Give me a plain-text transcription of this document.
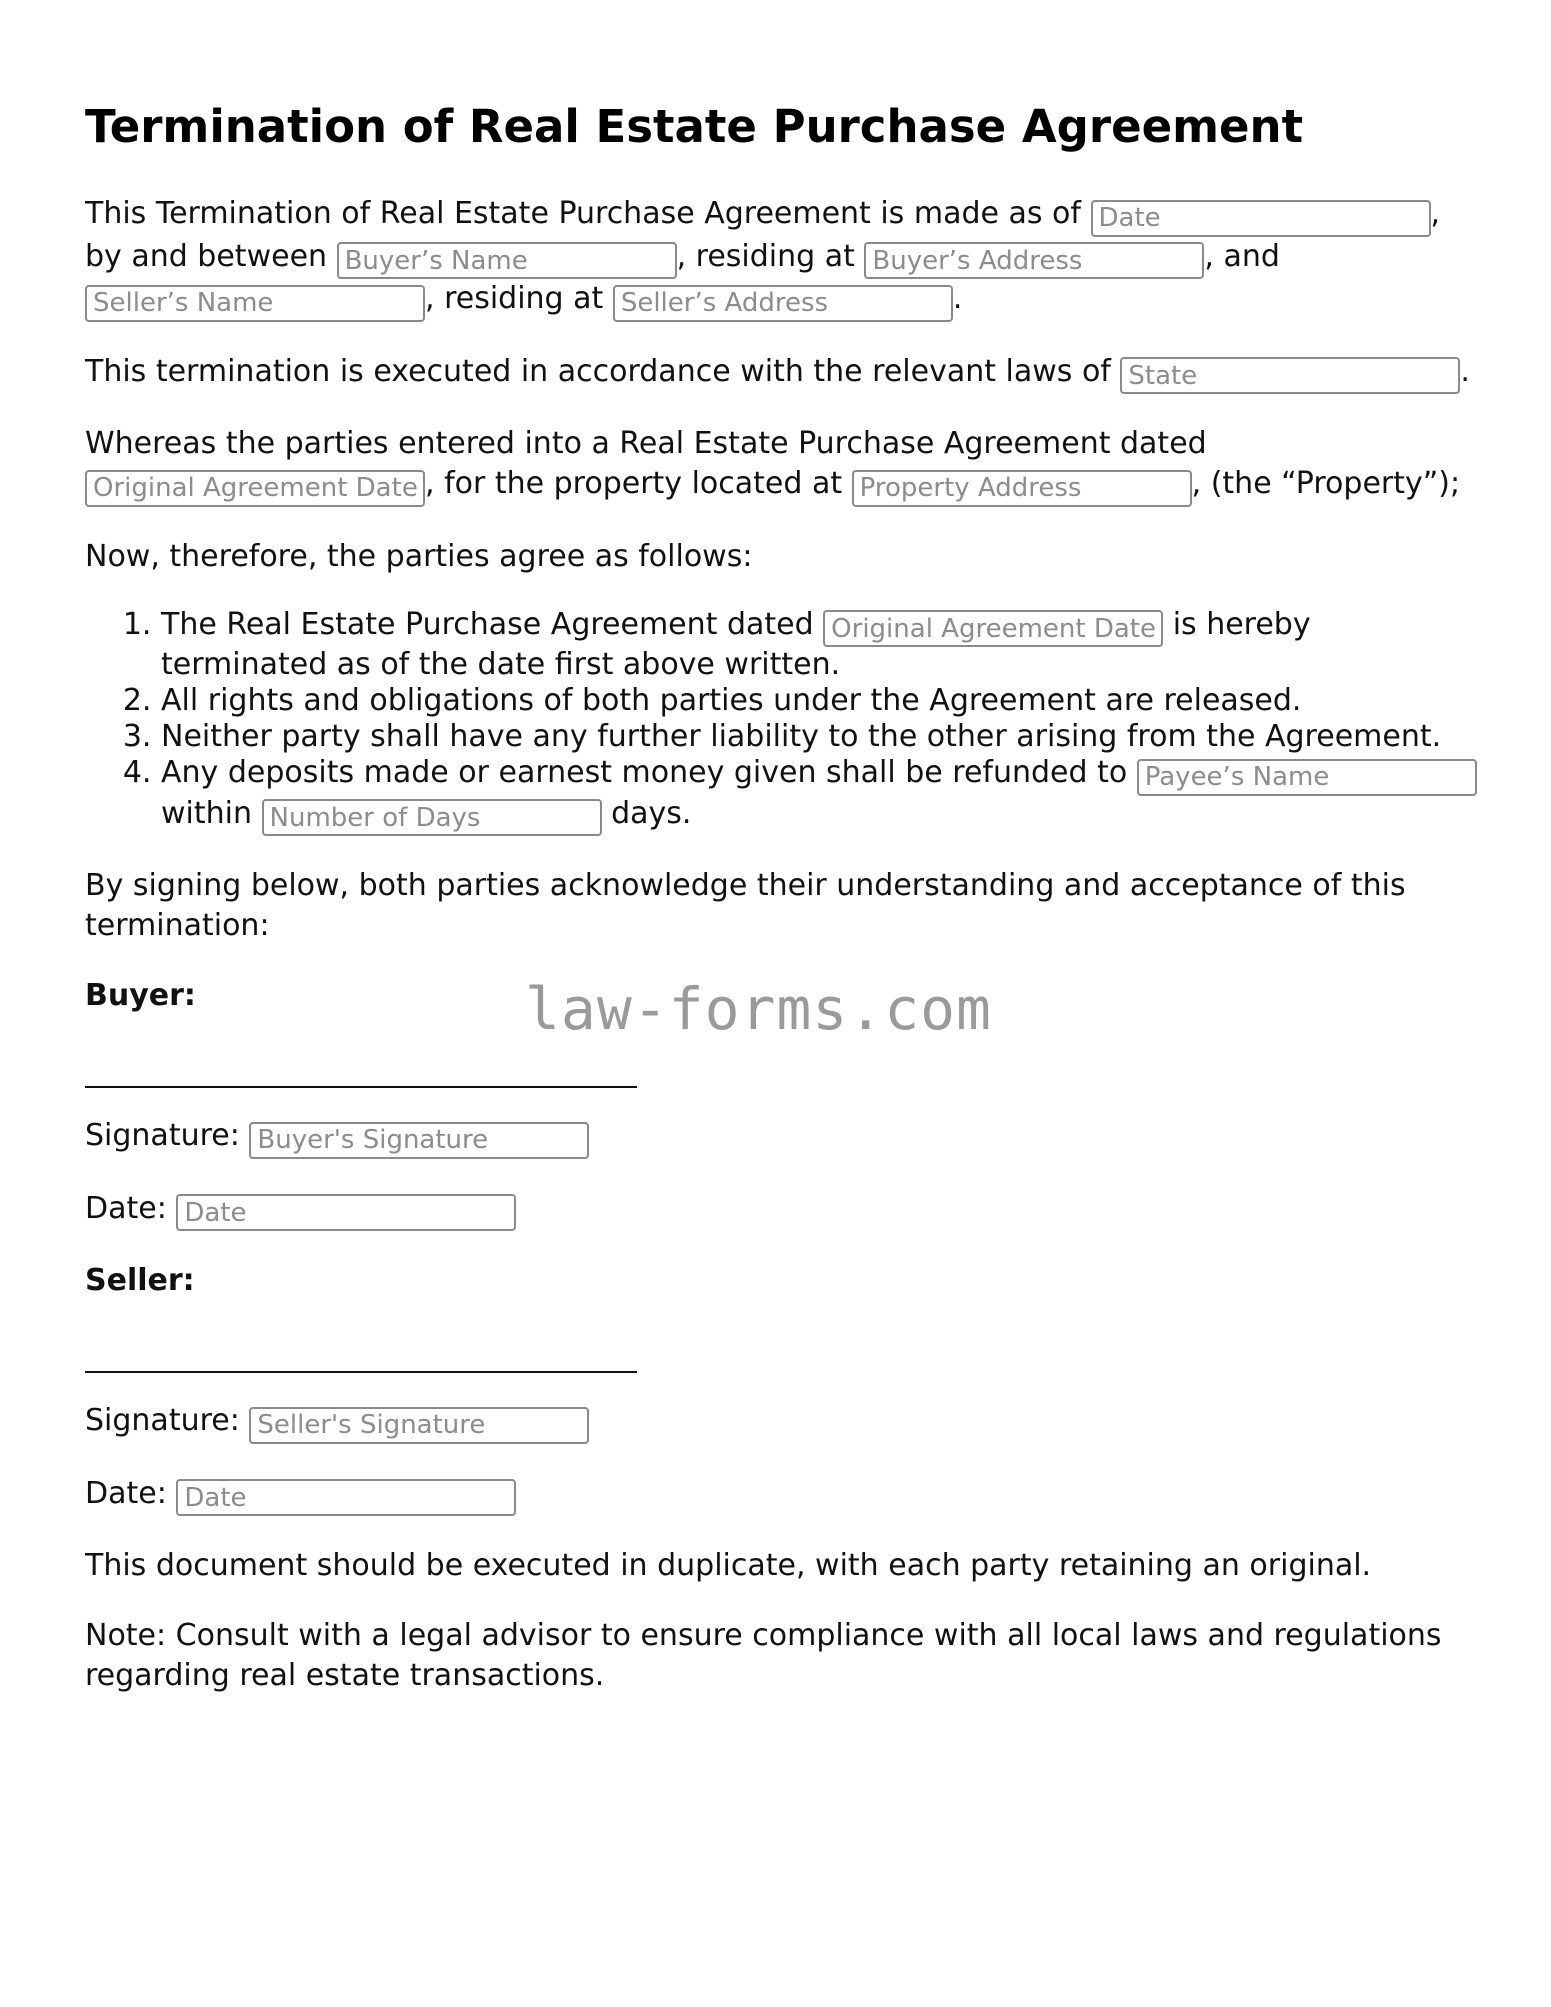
Termination of Real Estate Purchase Agreement

This Termination of Real Estate Purchase Agreement is made as of Date	, by and between Buyer’s Name	, residing at Buyer’s Address	, and Seller’s Name, residing at Seller’s Address	.

This termination is executed in accordance with the relevant laws of State	.

Whereas the parties entered into a Real Estate Purchase Agreement dated Original Agreement Date, for the property located at Property Address	, (the “Property”);

Now, therefore, the parties agree as follows:

1. The Real Estate Purchase Agreement dated Original Agreement Date	is hereby terminated as of the date first above written.
2. All rights and obligations of both parties under the Agreement are released.
3. Neither party shall have any further liability to the other arising from the Agreement.
4. Any deposits made or earnest money given shall be refunded to Payee’s Name within Number of Days	days.

By signing below, both parties acknowledge their understanding and acceptance of this termination:

Buyer:

Signature: Buyer's Signature

Date: Date

Seller:

Signature: Seller's Signature

Date: Date

This document should be executed in duplicate, with each party retaining an original.

Note: Consult with a legal advisor to ensure compliance with all local laws and regulations regarding real estate transactions.

law-forms.com
